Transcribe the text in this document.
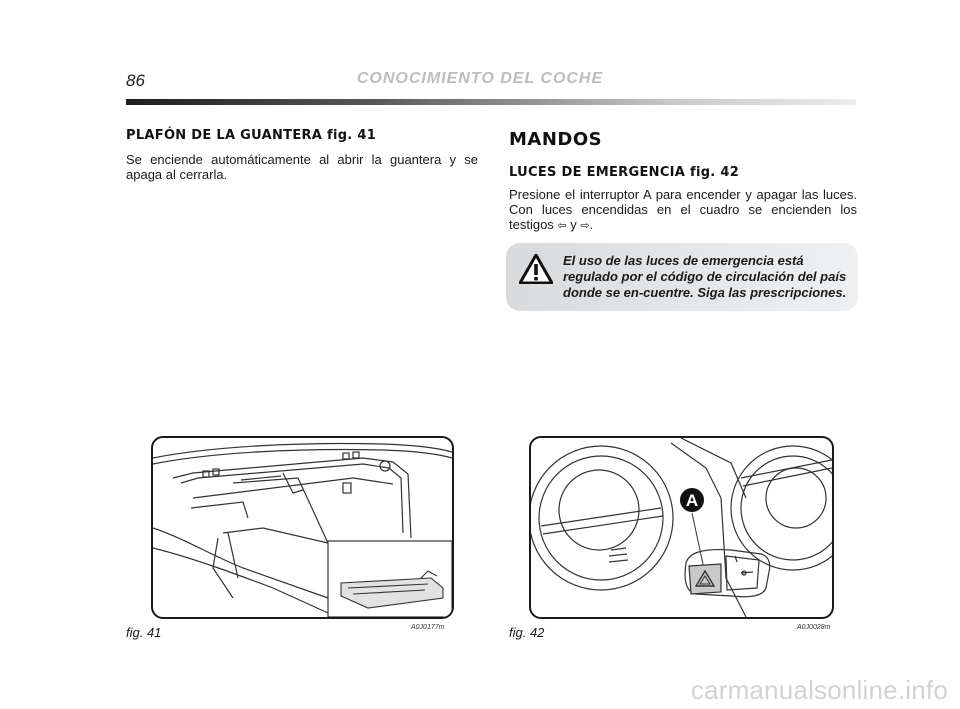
86	CONOCIMIENTO DEL COCHE
PLAFÓN DE LA GUANTERA fig. 41
Se enciende automáticamente al abrir la guantera y se apaga al cerrarla.
MANDOS
LUCES DE EMERGENCIA fig. 42
Presione el interruptor A para encender y apagar las luces. Con luces encendidas en el cuadro se encienden los testigos ⇦ y ⇨.
El uso de las luces de emergencia está regulado por el código de circulación del país donde se en-cuentre. Siga las prescripciones.
A
fig. 41	A0J0177m	fig. 42	A0J0028m
carmanualsonline.info
